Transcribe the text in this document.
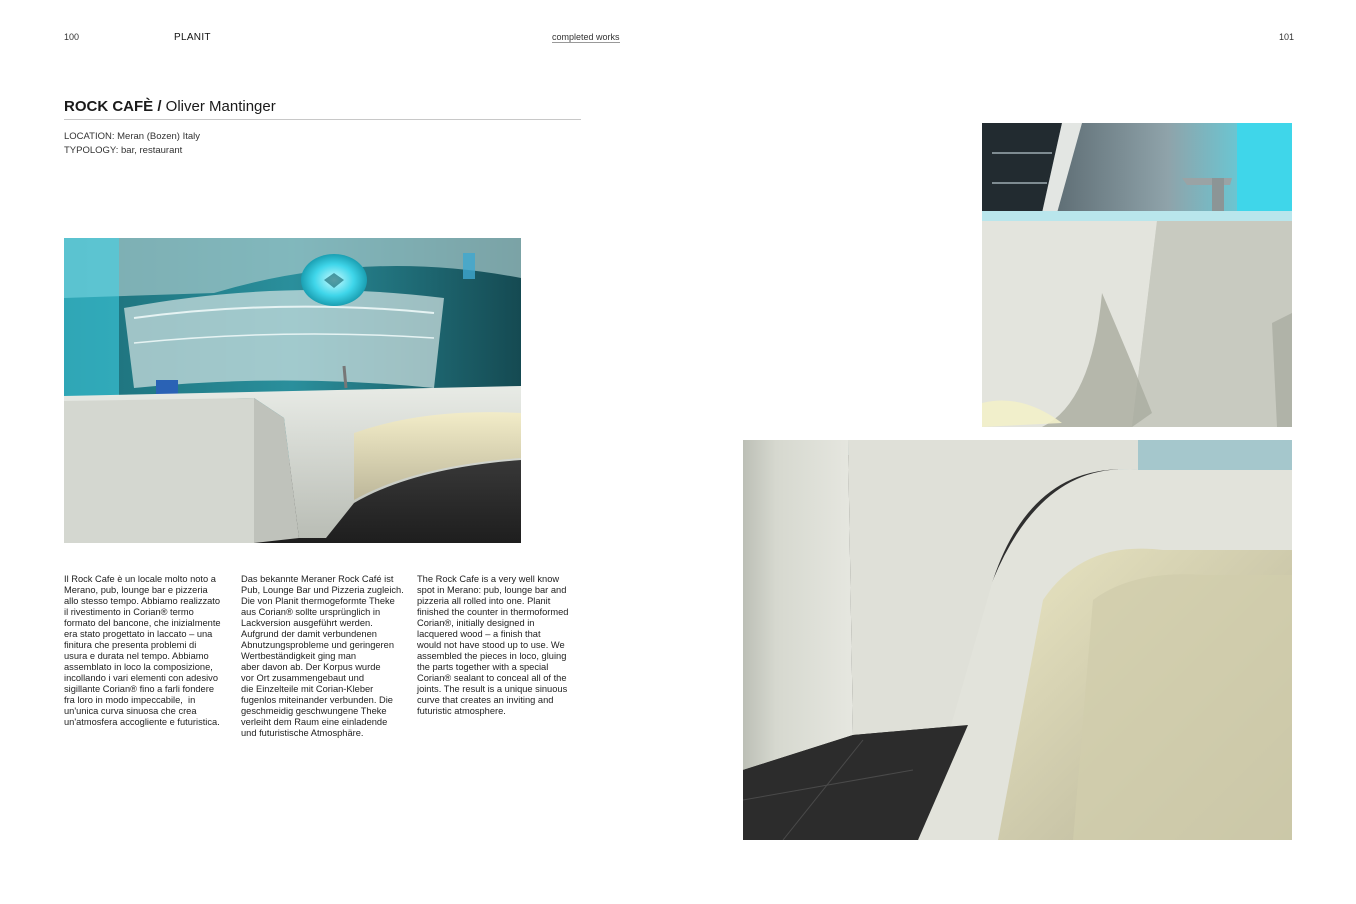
100	PLANIT	completed works	101
ROCK CAFÈ / Oliver Mantinger
LOCATION: Meran (Bozen) Italy
TYPOLOGY: bar, restaurant
Il Rock Cafe è un locale molto noto a
Merano, pub, lounge bar e pizzeria
allo stesso tempo. Abbiamo realizzato
il rivestimento in Corian® termo
formato del bancone, che inizialmente
era stato progettato in laccato – una
finitura che presenta problemi di
usura e durata nel tempo. Abbiamo
assemblato in loco la composizione,
incollando i vari elementi con adesivo
sigillante Corian® fino a farli fondere
fra loro in modo impeccabile,  in
un'unica curva sinuosa che crea
un'atmosfera accogliente e futuristica.
Das bekannte Meraner Rock Café ist
Pub, Lounge Bar und Pizzeria zugleich.
Die von Planit thermogeformte Theke
aus Corian® sollte ursprünglich in
Lackversion ausgeführt werden.
Aufgrund der damit verbundenen
Abnutzungsprobleme und geringeren
Wertbeständigkeit ging man
aber davon ab. Der Korpus wurde
vor Ort zusammengebaut und
die Einzelteile mit Corian-Kleber
fugenlos miteinander verbunden. Die
geschmeidig geschwungene Theke
verleiht dem Raum eine einladende
und futuristische Atmosphäre.
The Rock Cafe is a very well know
spot in Merano: pub, lounge bar and
pizzeria all rolled into one. Planit
finished the counter in thermoformed
Corian®, initially designed in
lacquered wood – a finish that
would not have stood up to use. We
assembled the pieces in loco, gluing
the parts together with a special
Corian® sealant to conceal all of the
joints. The result is a unique sinuous
curve that creates an inviting and
futuristic atmosphere.
